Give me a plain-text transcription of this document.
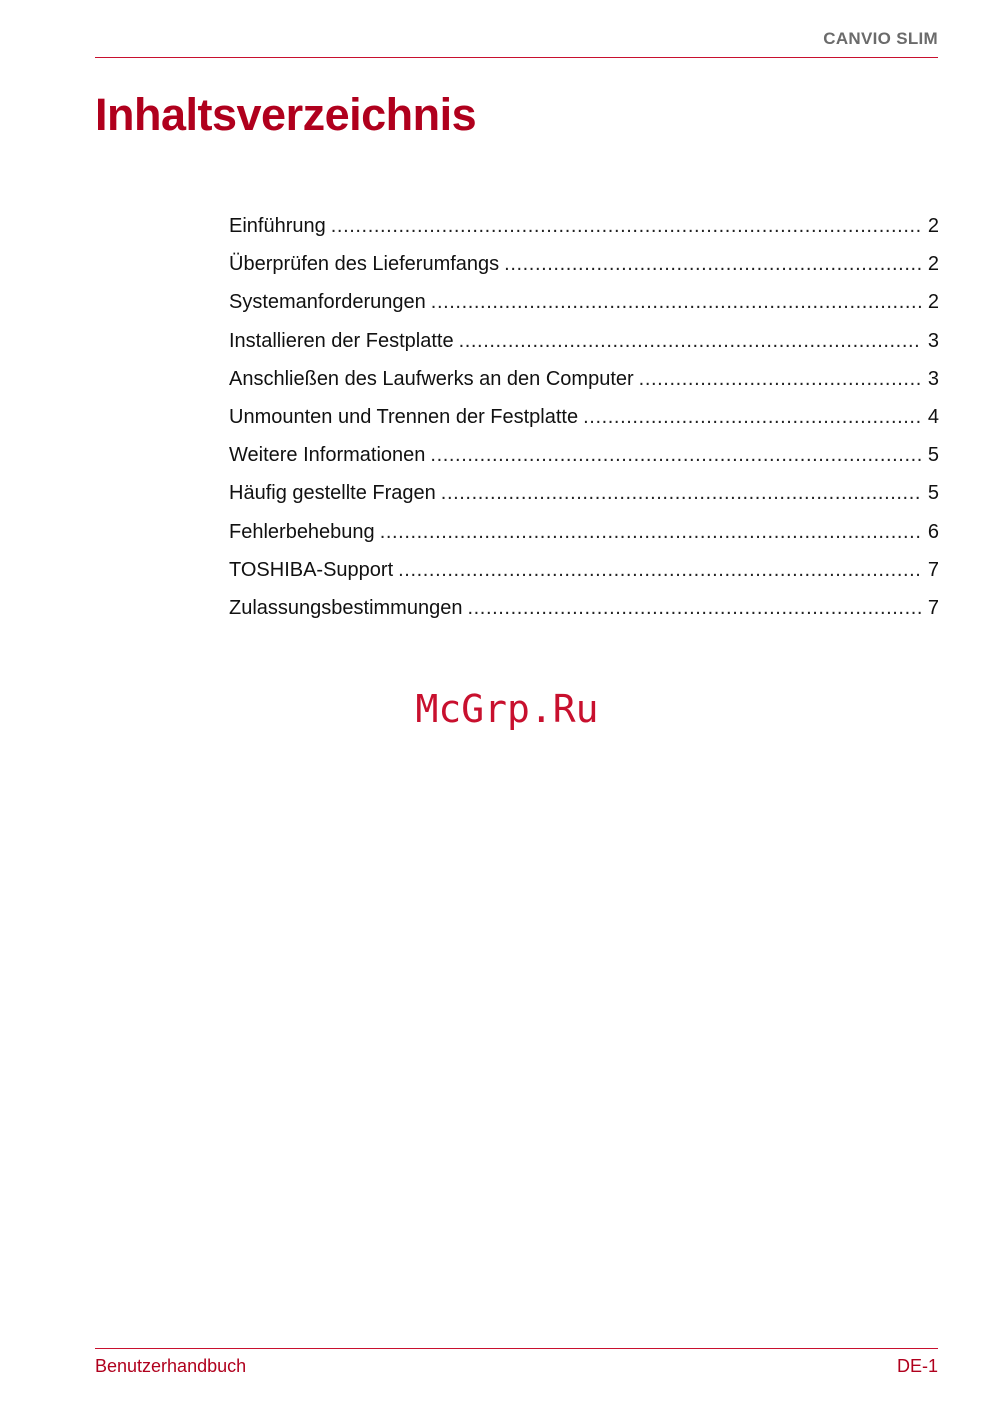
CANVIO SLIM
Inhaltsverzeichnis
Einführung .....	2
Überprüfen des Lieferumfangs .....	2
Systemanforderungen .....	2
Installieren der Festplatte .....	3
Anschließen des Laufwerks an den Computer .....	3
Unmounten und Trennen der Festplatte .....	4
Weitere Informationen .....	5
Häufig gestellte Fragen .....	5
Fehlerbehebung .....	6
TOSHIBA-Support .....	7
Zulassungsbestimmungen .....	7
McGrp.Ru
Benutzerhandbuch	DE-1
